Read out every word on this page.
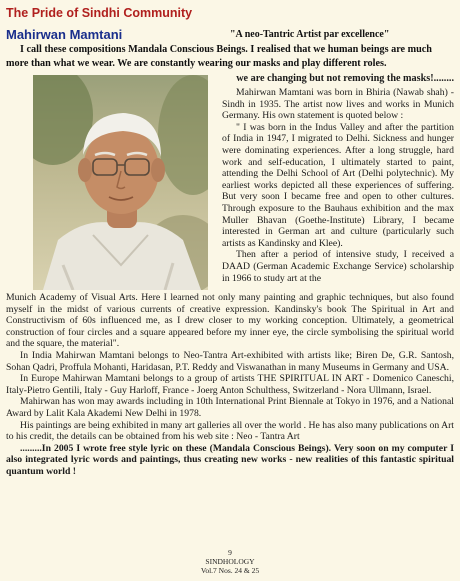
The Pride of Sindhi Community
Mahirwan Mamtani	"A neo-Tantric Artist par excellence"
I call these compositions Mandala Conscious Beings. I realised that we human beings are much more than what we wear. We are constantly wearing our masks and play different roles.
we are changing but not removing the masks!........

Mahirwan Mamtani was born in Bhiria (Nawab shah) - Sindh in 1935. The artist now lives and works in Munich Germany. His own statement is quoted below :

" I was born in the Indus Valley and after the partition of India in 1947, I migrated to Delhi. Sickness and hunger were dominating experiences. After a long struggle, hard work and self-education, I ultimately started to paint, attending the Delhi School of Art (Delhi polytechnic). My earliest works depicted all these experiences of suffering. But very soon I became free and open to other cultures. Through exposure to the Bauhaus exhibition and the max Muller Bhavan (Goethe-Institute) Library, I became interested in German art and culture (particularly such artists as Kandinsky and Klee).

Then after a period of intensive study, I received a DAAD (German Academic Exchange Service) scholarship in 1966 to study art at the

Munich Academy of Visual Arts. Here I learned not only many painting and graphic techniques, but also found myself in the midst of various currents of creative expression. Kandinsky's book The Spiritual in Art and Constructivism of 60s influenced me, as I drew closer to my working conception. Ultimately, a geometrical construction of four circles and a square appeared before my inner eye, the circle symbolising the spiritual world and the square, the material".

In India Mahirwan Mamtani belongs to Neo-Tantra Art-exhibited with artists like; Biren De, G.R. Santosh, Sohan Qadri, Proffula Mohanti, Haridasan, P.T. Reddy and Viswanathan in many Museums in Germany and USA.

In Europe Mahirwan Mamtani belongs to a group of artists THE SPIRITUAL IN ART - Domenico Caneschi, Italy-Pietro Gentili, Italy - Guy Harloff, France - Joerg Anton Schulthess, Switzerland - Nora Ullmann, Israel.

Mahirwan has won may awards including in 10th International Print Biennale at Tokyo in 1976, and a National Award by Lalit Kala Akademi New Delhi in 1978.

His paintings are being exhibited in many art galleries all over the world . He has also many publications on Art to his credit, the details can be obtained from his web site : Neo - Tantra Art

.........In 2005 I wrote free style lyric on these (Mandala Conscious Beings). Very soon on my computer I also integrated lyric words and paintings, thus creating new works - new realities of this fantastic spiritual quantum world !

9
SINDHOLOGY
Vol.7 Nos. 24 & 25
